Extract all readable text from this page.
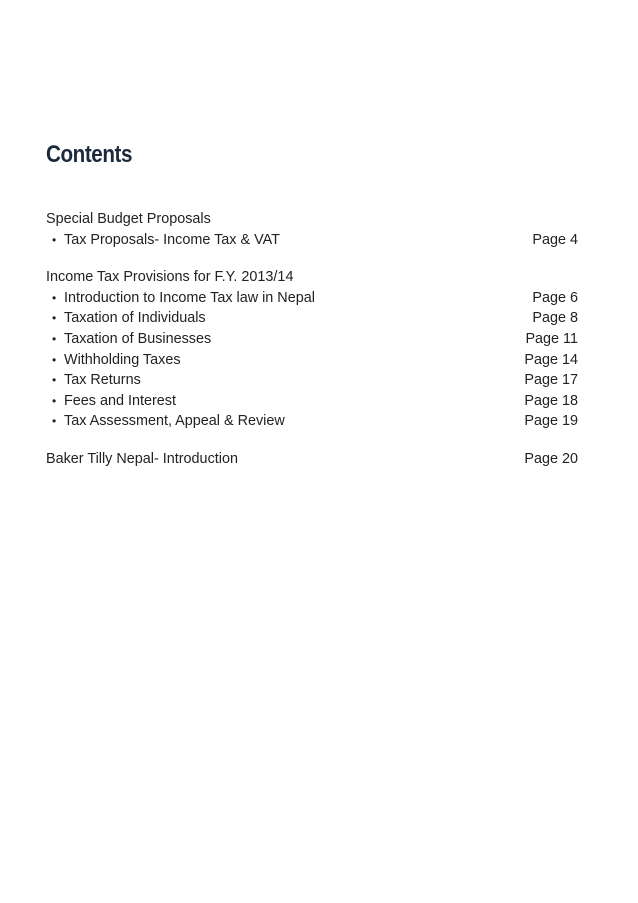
Contents
Special Budget Proposals
• Tax Proposals- Income Tax & VAT	Page 4
Income Tax Provisions for F.Y. 2013/14
• Introduction to Income Tax law in Nepal	Page 6
• Taxation of Individuals	Page 8
• Taxation of Businesses	Page 11
• Withholding Taxes	Page 14
• Tax Returns	Page 17
• Fees and Interest	Page 18
• Tax Assessment, Appeal & Review	Page 19
Baker Tilly Nepal- Introduction	Page 20
